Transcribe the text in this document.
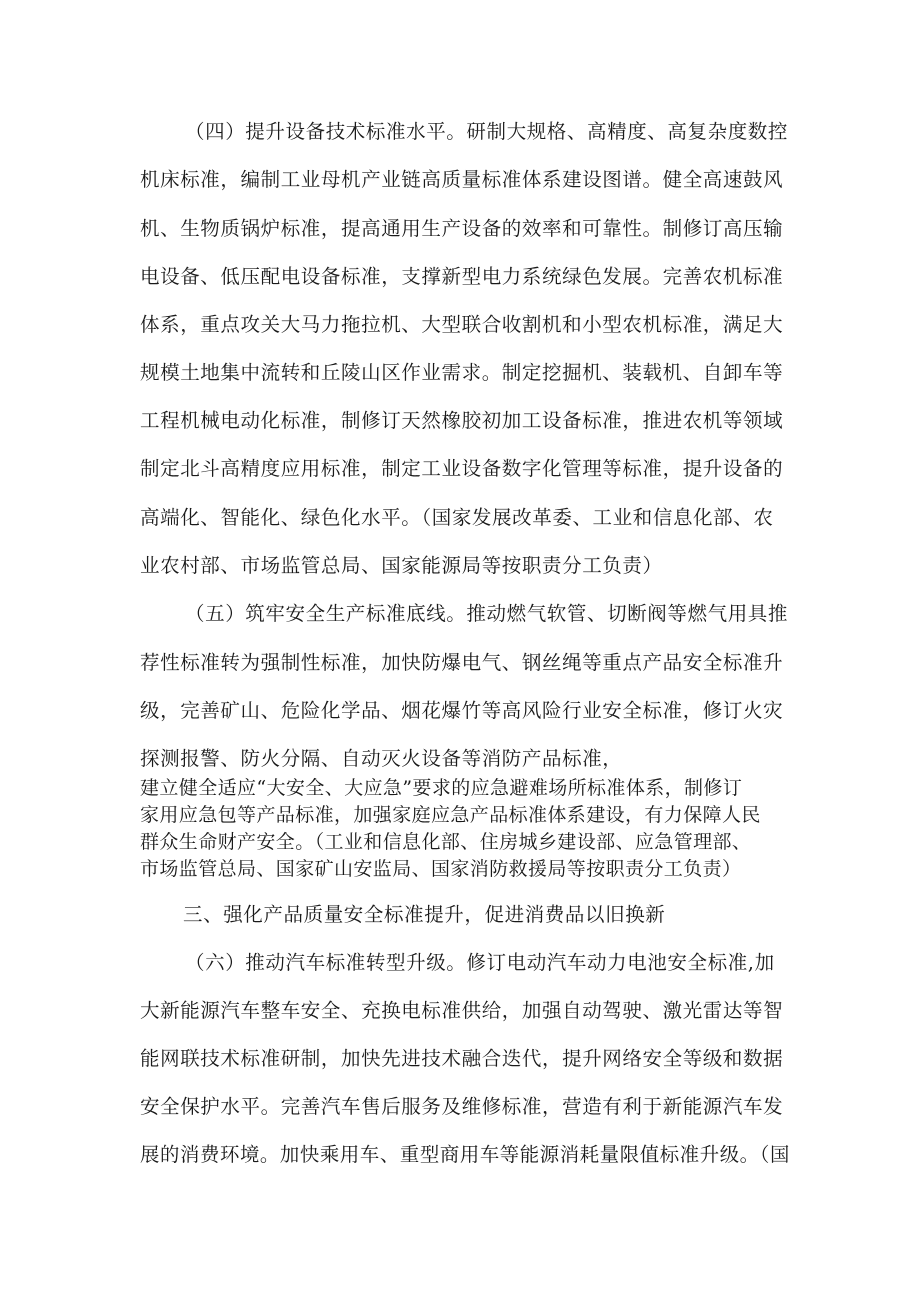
（四）提升设备技术标准水平。研制大规格、高精度、高复杂度数控
机床标准，编制工业母机产业链高质量标准体系建设图谱。健全高速鼓风
机、生物质锅炉标准，提高通用生产设备的效率和可靠性。制修订高压输
电设备、低压配电设备标准，支撑新型电力系统绿色发展。完善农机标准
体系，重点攻关大马力拖拉机、大型联合收割机和小型农机标准，满足大
规模土地集中流转和丘陵山区作业需求。制定挖掘机、装载机、自卸车等
工程机械电动化标准，制修订天然橡胶初加工设备标准，推进农机等领域
制定北斗高精度应用标准，制定工业设备数字化管理等标准，提升设备的
高端化、智能化、绿色化水平。（国家发展改革委、工业和信息化部、农
业农村部、市场监管总局、国家能源局等按职责分工负责）
（五）筑牢安全生产标准底线。推动燃气软管、切断阀等燃气用具推
荐性标准转为强制性标准，加快防爆电气、钢丝绳等重点产品安全标准升
级，完善矿山、危险化学品、烟花爆竹等高风险行业安全标准，修订火灾
探测报警、防火分隔、自动灭火设备等消防产品标准，
建立健全适应“大安全、大应急”要求的应急避难场所标准体系，制修订
家用应急包等产品标准，加强家庭应急产品标准体系建设，有力保障人民
群众生命财产安全。（工业和信息化部、住房城乡建设部、应急管理部、
市场监管总局、国家矿山安监局、国家消防救援局等按职责分工负责）
三、强化产品质量安全标准提升，促进消费品以旧换新
（六）推动汽车标准转型升级。修订电动汽车动力电池安全标准,加
大新能源汽车整车安全、充换电标准供给，加强自动驾驶、激光雷达等智
能网联技术标准研制，加快先进技术融合迭代，提升网络安全等级和数据
安全保护水平。完善汽车售后服务及维修标准，营造有利于新能源汽车发
展的消费环境。加快乘用车、重型商用车等能源消耗量限值标准升级。（国
